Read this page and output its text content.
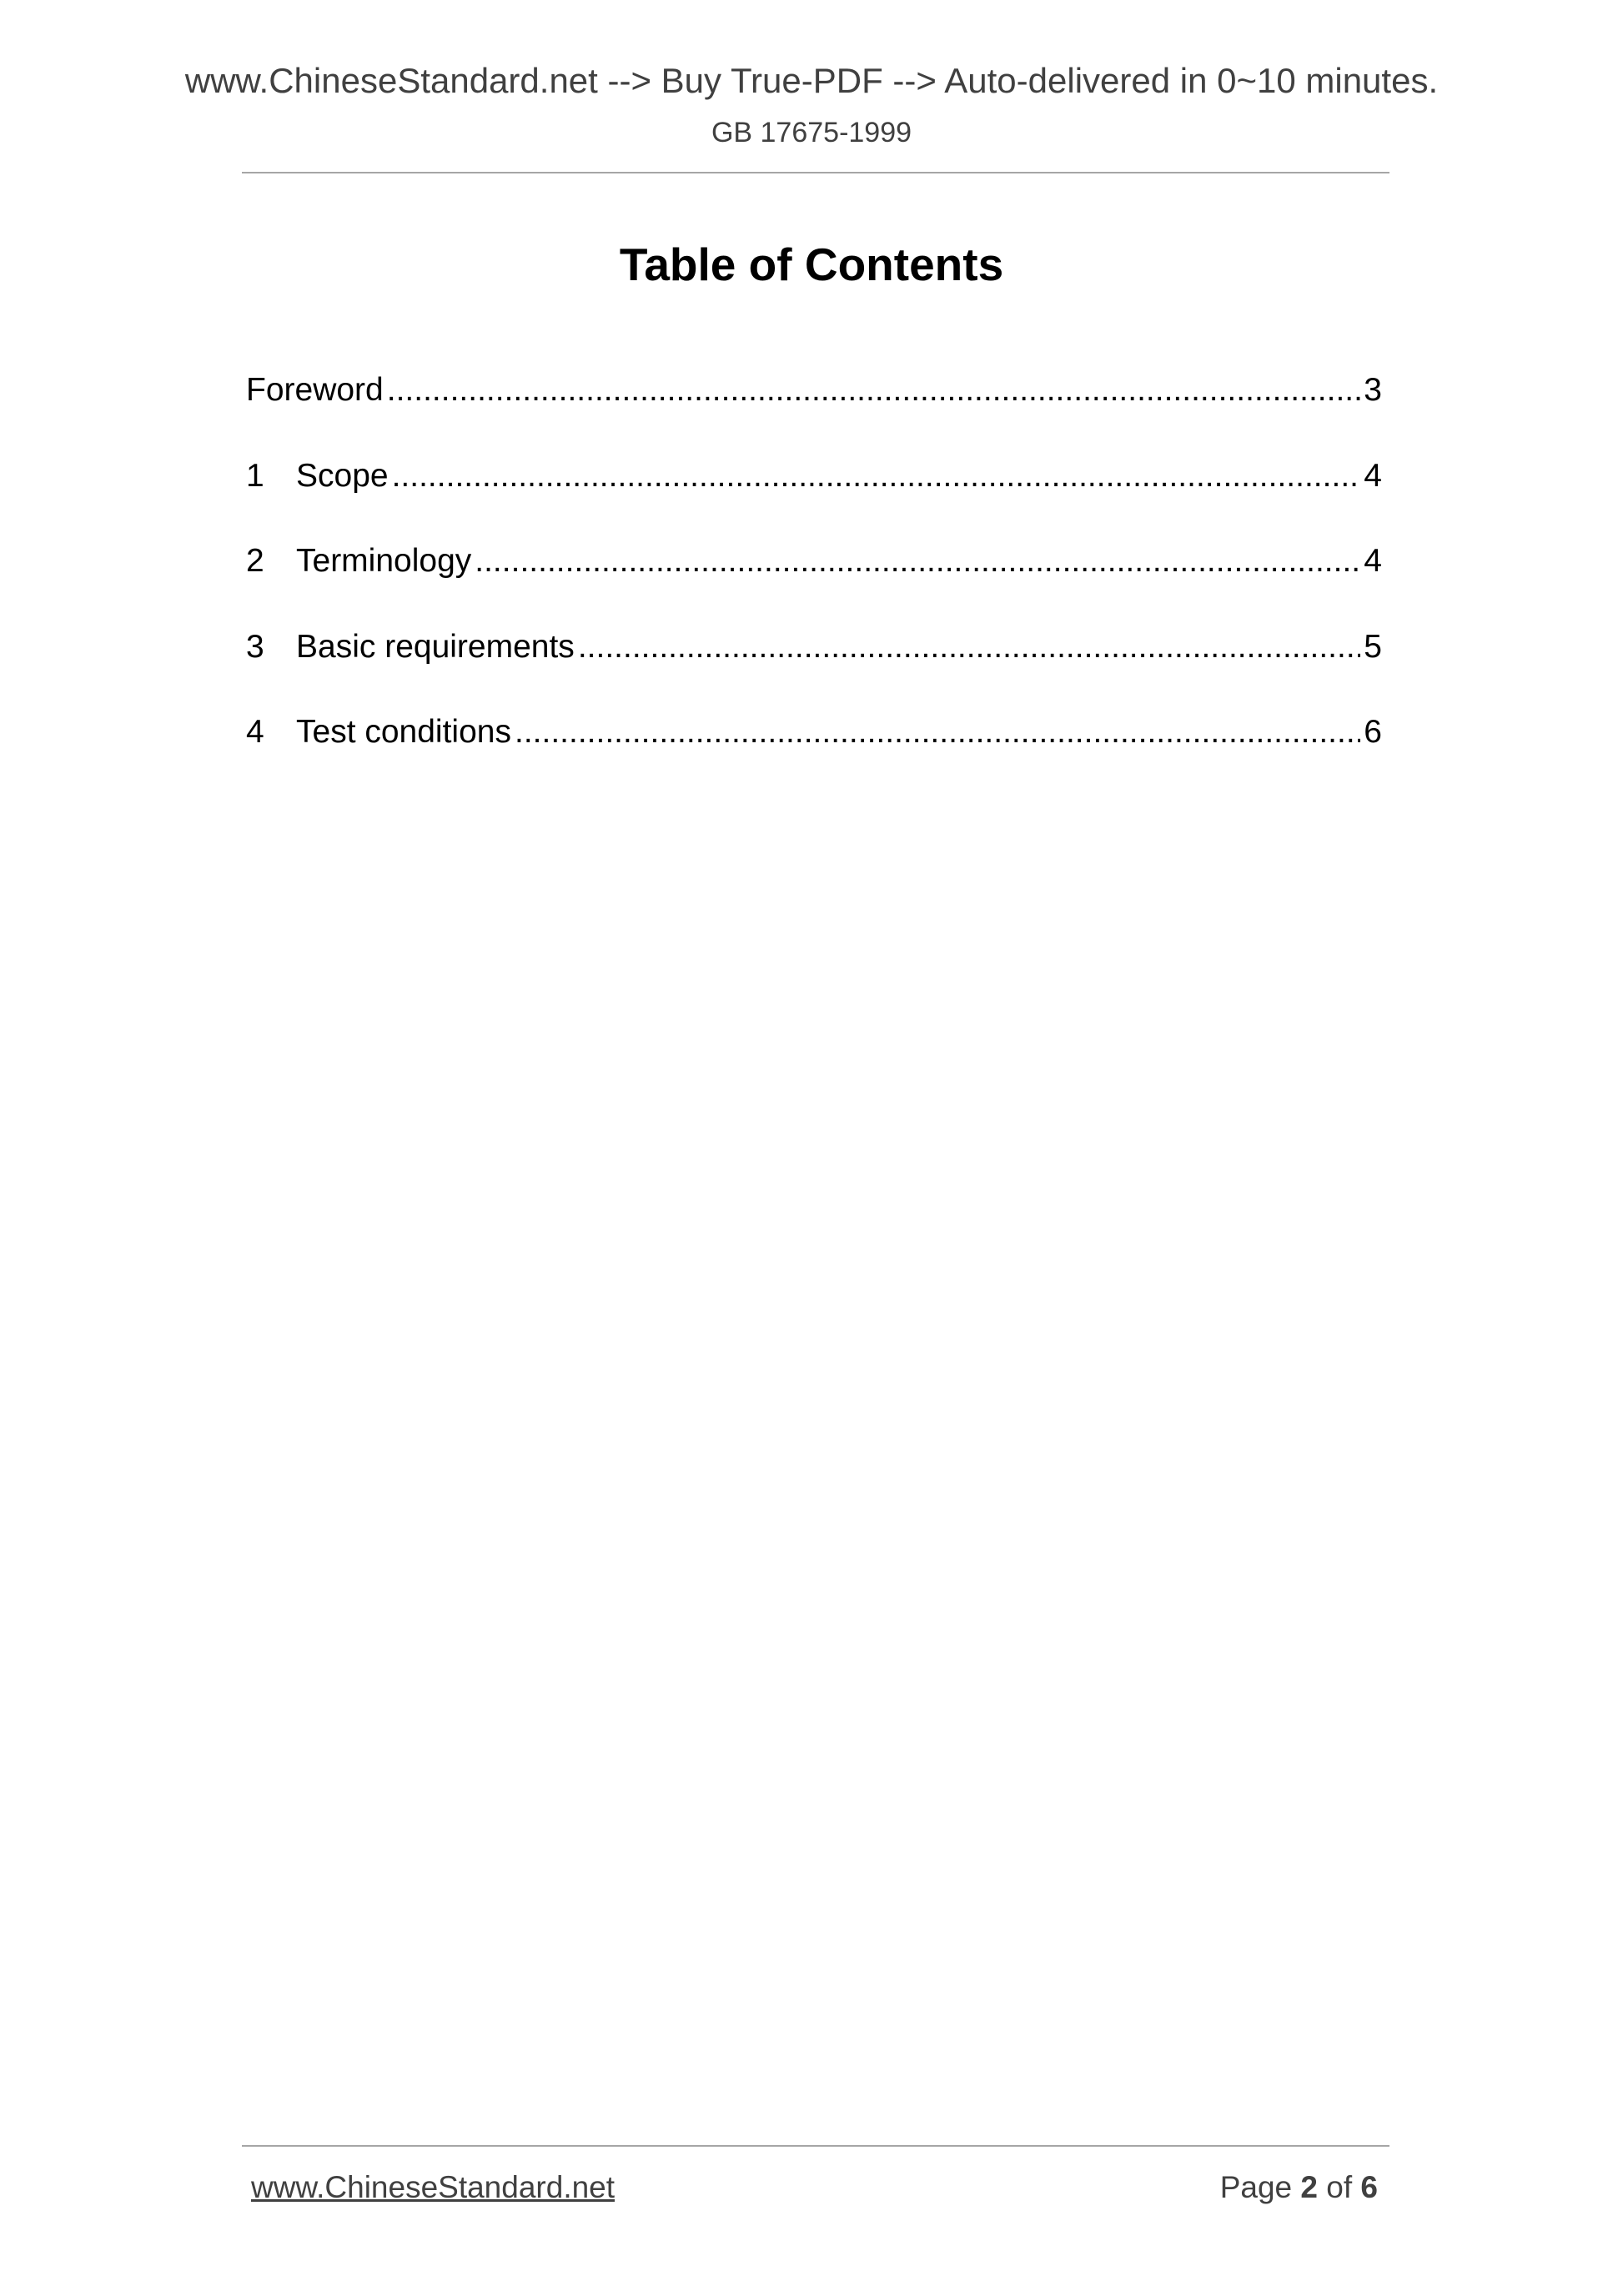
www.ChineseStandard.net --> Buy True-PDF --> Auto-delivered in 0~10 minutes.
GB 17675-1999
Table of Contents
Foreword .....	3
1 Scope .....	4
2 Terminology .....	4
3 Basic requirements .....	5
4 Test conditions .....	6
www.ChineseStandard.net	Page 2 of 6
